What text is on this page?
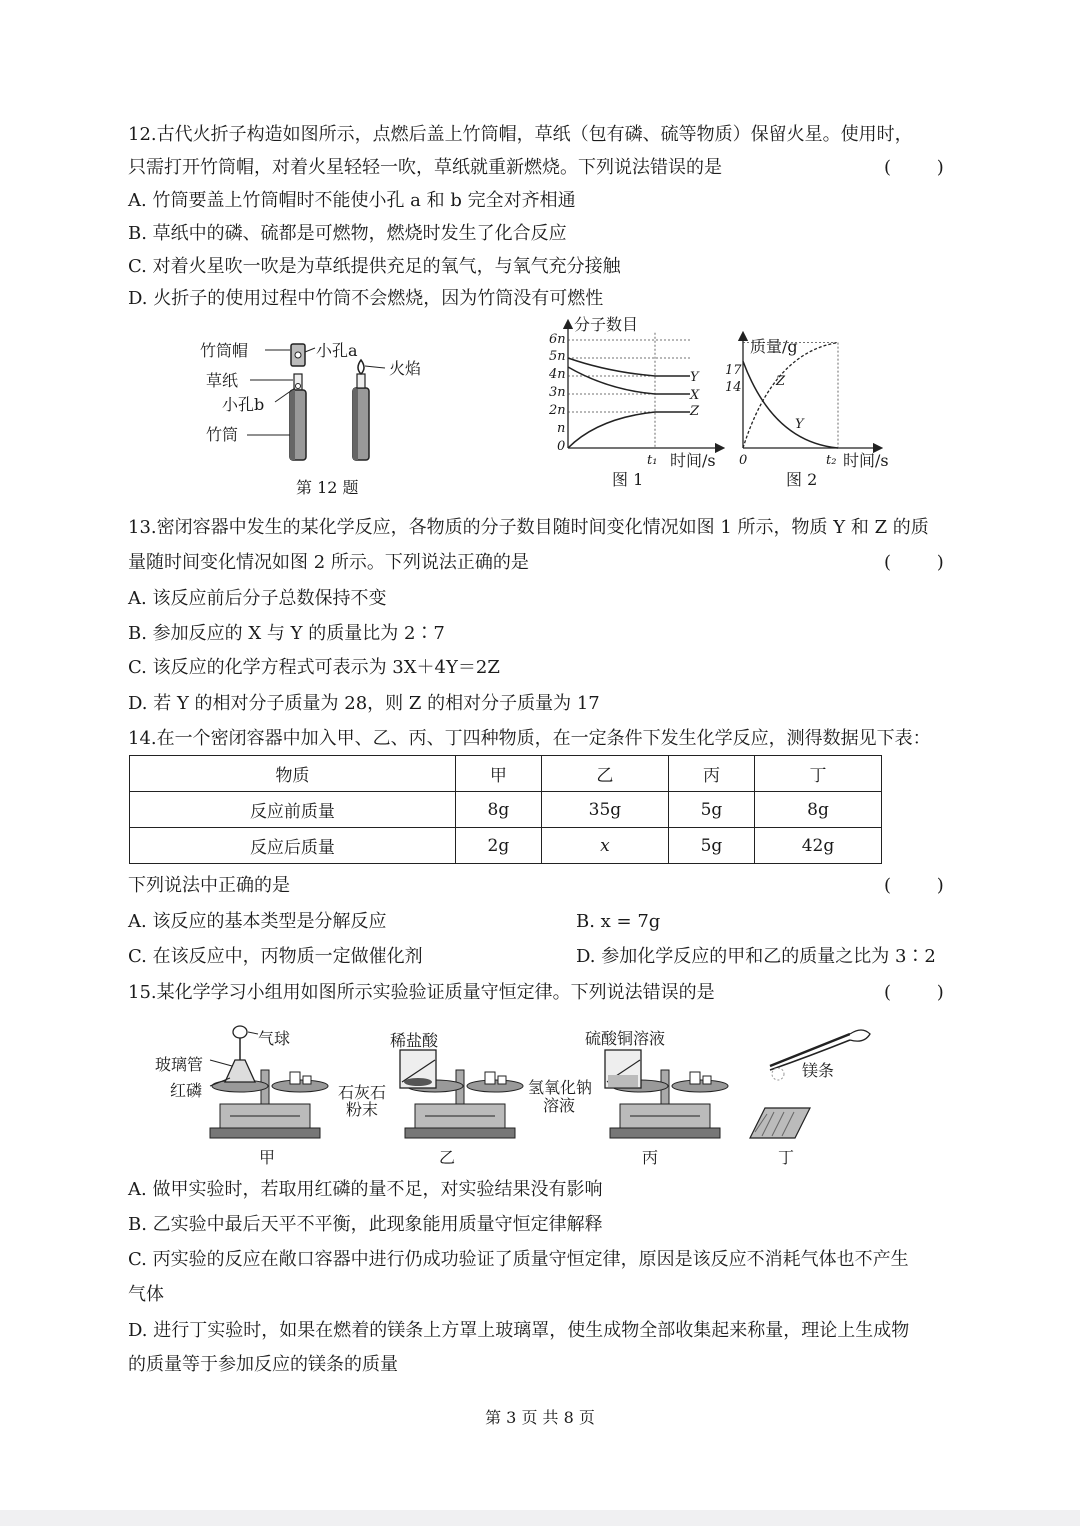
12.古代火折子构造如图所示，点燃后盖上竹筒帽，草纸（包有磷、硫等物质）保留火星。使用时，
只需打开竹筒帽，对着火星轻轻一吹，草纸就重新燃烧。下列说法错误的是	(        )
A. 竹筒要盖上竹筒帽时不能使小孔 a 和 b 完全对齐相通
B. 草纸中的磷、硫都是可燃物，燃烧时发生了化合反应
C. 对着火星吹一吹是为草纸提供充足的氧气，与氧气充分接触
D. 火折子的使用过程中竹筒不会燃烧，因为竹筒没有可燃性
竹筒帽	小孔a
草纸
小孔b
竹筒
火焰
第 12 题
分子数目
6n
5n
4n
3n
2n
n
0
Y
X
Z
t₁ 时间/s
图 1
质量/g
17
14	Z
Y
0	t₂ 时间/s
图 2
13.密闭容器中发生的某化学反应，各物质的分子数目随时间变化情况如图 1 所示，物质 Y 和 Z 的质
量随时间变化情况如图 2 所示。下列说法正确的是	(        )
A. 该反应前后分子总数保持不变
B. 参加反应的 X 与 Y 的质量比为 2∶7
C. 该反应的化学方程式可表示为 3X＋4Y＝2Z
D. 若 Y 的相对分子质量为 28，则 Z 的相对分子质量为 17
14.在一个密闭容器中加入甲、乙、丙、丁四种物质，在一定条件下发生化学反应，测得数据见下表：
物质	甲	乙	丙	丁
反应前质量	8g	35g	5g	8g
反应后质量	2g	x	5g	42g
下列说法中正确的是	(        )
A. 该反应的基本类型是分解反应	B. x = 7g
C. 在该反应中，丙物质一定做催化剂	D. 参加化学反应的甲和乙的质量之比为 3∶2
15.某化学学习小组用如图所示实验验证质量守恒定律。下列说法错误的是	(        )
气球
玻璃管
红磷
稀盐酸
石灰石
粉末
硫酸铜溶液
氢氧化钠
溶液
镁条
甲	乙	丙	丁
A. 做甲实验时，若取用红磷的量不足，对实验结果没有影响
B. 乙实验中最后天平不平衡，此现象能用质量守恒定律解释
C. 丙实验的反应在敞口容器中进行仍成功验证了质量守恒定律，原因是该反应不消耗气体也不产生
气体
D. 进行丁实验时，如果在燃着的镁条上方罩上玻璃罩，使生成物全部收集起来称量，理论上生成物
的质量等于参加反应的镁条的质量
第 3 页 共 8 页
